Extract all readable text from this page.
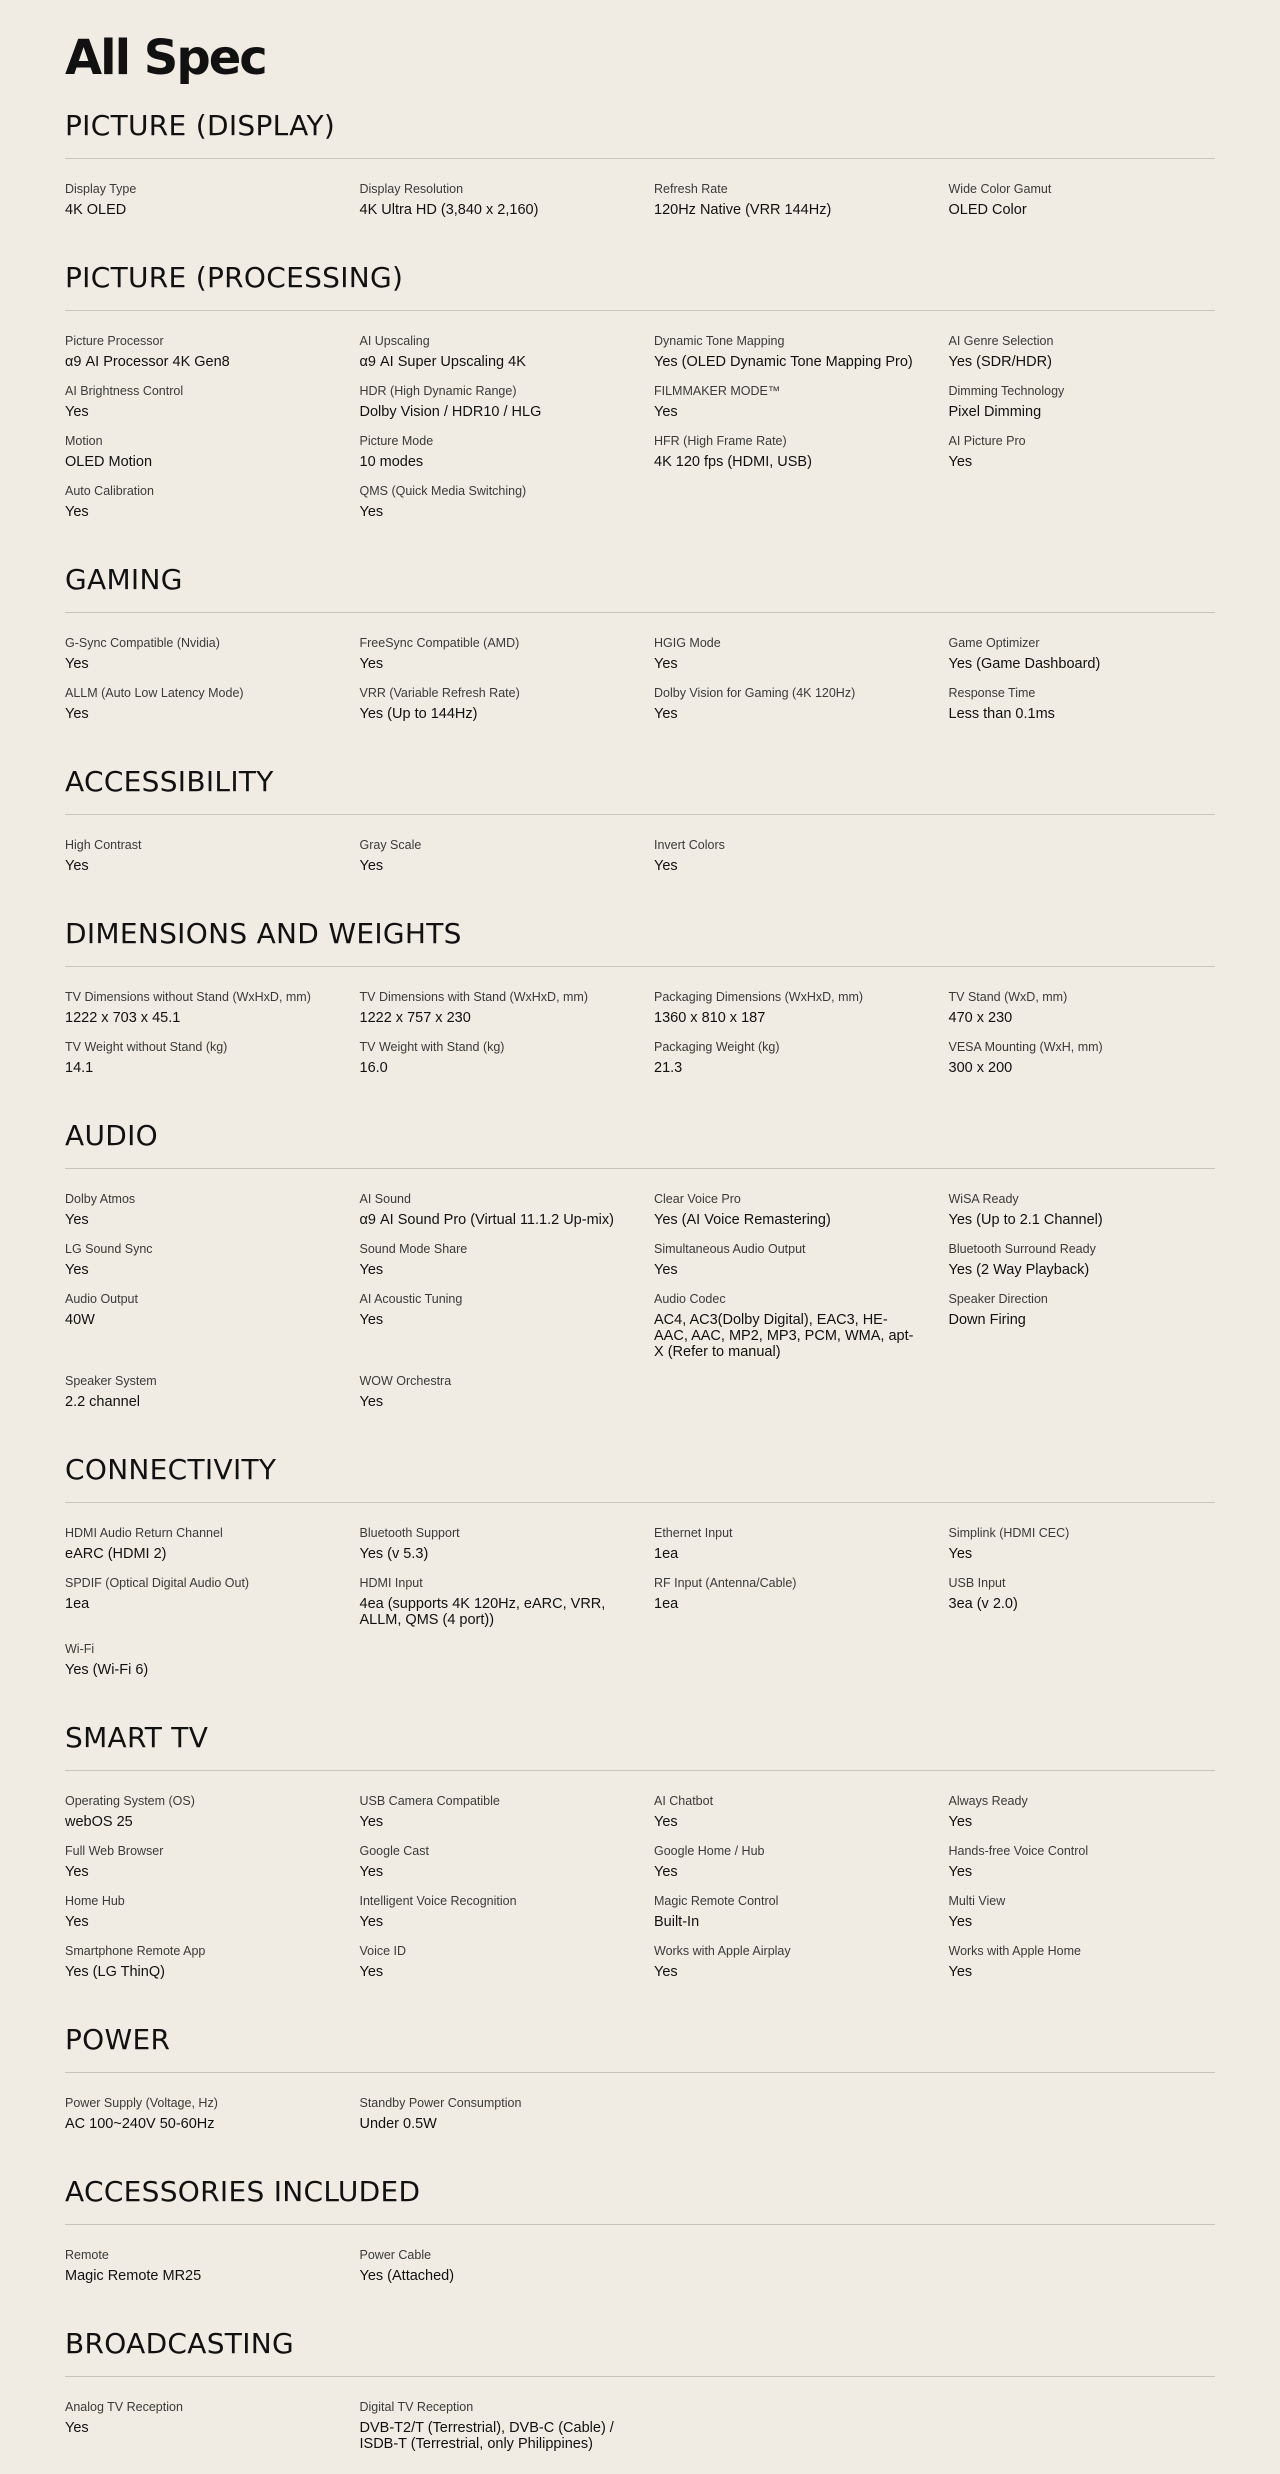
All Spec
PICTURE (DISPLAY)
Display Type
4K OLED
Display Resolution
4K Ultra HD (3,840 x 2,160)
Refresh Rate
120Hz Native (VRR 144Hz)
Wide Color Gamut
OLED Color
PICTURE (PROCESSING)
Picture Processor
α9 AI Processor 4K Gen8
AI Upscaling
α9 AI Super Upscaling 4K
Dynamic Tone Mapping
Yes (OLED Dynamic Tone Mapping Pro)
AI Genre Selection
Yes (SDR/HDR)
AI Brightness Control
Yes
HDR (High Dynamic Range)
Dolby Vision / HDR10 / HLG
FILMMAKER MODE™
Yes
Dimming Technology
Pixel Dimming
Motion
OLED Motion
Picture Mode
10 modes
HFR (High Frame Rate)
4K 120 fps (HDMI, USB)
AI Picture Pro
Yes
Auto Calibration
Yes
QMS (Quick Media Switching)
Yes
GAMING
G-Sync Compatible (Nvidia)
Yes
FreeSync Compatible (AMD)
Yes
HGIG Mode
Yes
Game Optimizer
Yes (Game Dashboard)
ALLM (Auto Low Latency Mode)
Yes
VRR (Variable Refresh Rate)
Yes (Up to 144Hz)
Dolby Vision for Gaming (4K 120Hz)
Yes
Response Time
Less than 0.1ms
ACCESSIBILITY
High Contrast
Yes
Gray Scale
Yes
Invert Colors
Yes
DIMENSIONS AND WEIGHTS
TV Dimensions without Stand (WxHxD, mm)
1222 x 703 x 45.1
TV Dimensions with Stand (WxHxD, mm)
1222 x 757 x 230
Packaging Dimensions (WxHxD, mm)
1360 x 810 x 187
TV Stand (WxD, mm)
470 x 230
TV Weight without Stand (kg)
14.1
TV Weight with Stand (kg)
16.0
Packaging Weight (kg)
21.3
VESA Mounting (WxH, mm)
300 x 200
AUDIO
Dolby Atmos
Yes
AI Sound
α9 AI Sound Pro (Virtual 11.1.2 Up-mix)
Clear Voice Pro
Yes (AI Voice Remastering)
WiSA Ready
Yes (Up to 2.1 Channel)
LG Sound Sync
Yes
Sound Mode Share
Yes
Simultaneous Audio Output
Yes
Bluetooth Surround Ready
Yes (2 Way Playback)
Audio Output
40W
AI Acoustic Tuning
Yes
Audio Codec
AC4, AC3(Dolby Digital), EAC3, HE-AAC, AAC, MP2, MP3, PCM, WMA, apt-X (Refer to manual)
Speaker Direction
Down Firing
Speaker System
2.2 channel
WOW Orchestra
Yes
CONNECTIVITY
HDMI Audio Return Channel
eARC (HDMI 2)
Bluetooth Support
Yes (v 5.3)
Ethernet Input
1ea
Simplink (HDMI CEC)
Yes
SPDIF (Optical Digital Audio Out)
1ea
HDMI Input
4ea (supports 4K 120Hz, eARC, VRR, ALLM, QMS (4 port))
RF Input (Antenna/Cable)
1ea
USB Input
3ea (v 2.0)
Wi-Fi
Yes (Wi-Fi 6)
SMART TV
Operating System (OS)
webOS 25
USB Camera Compatible
Yes
AI Chatbot
Yes
Always Ready
Yes
Full Web Browser
Yes
Google Cast
Yes
Google Home / Hub
Yes
Hands-free Voice Control
Yes
Home Hub
Yes
Intelligent Voice Recognition
Yes
Magic Remote Control
Built-In
Multi View
Yes
Smartphone Remote App
Yes (LG ThinQ)
Voice ID
Yes
Works with Apple Airplay
Yes
Works with Apple Home
Yes
POWER
Power Supply (Voltage, Hz)
AC 100~240V 50-60Hz
Standby Power Consumption
Under 0.5W
ACCESSORIES INCLUDED
Remote
Magic Remote MR25
Power Cable
Yes (Attached)
BROADCASTING
Analog TV Reception
Yes
Digital TV Reception
DVB-T2/T (Terrestrial), DVB-C (Cable) / ISDB-T (Terrestrial, only Philippines)
